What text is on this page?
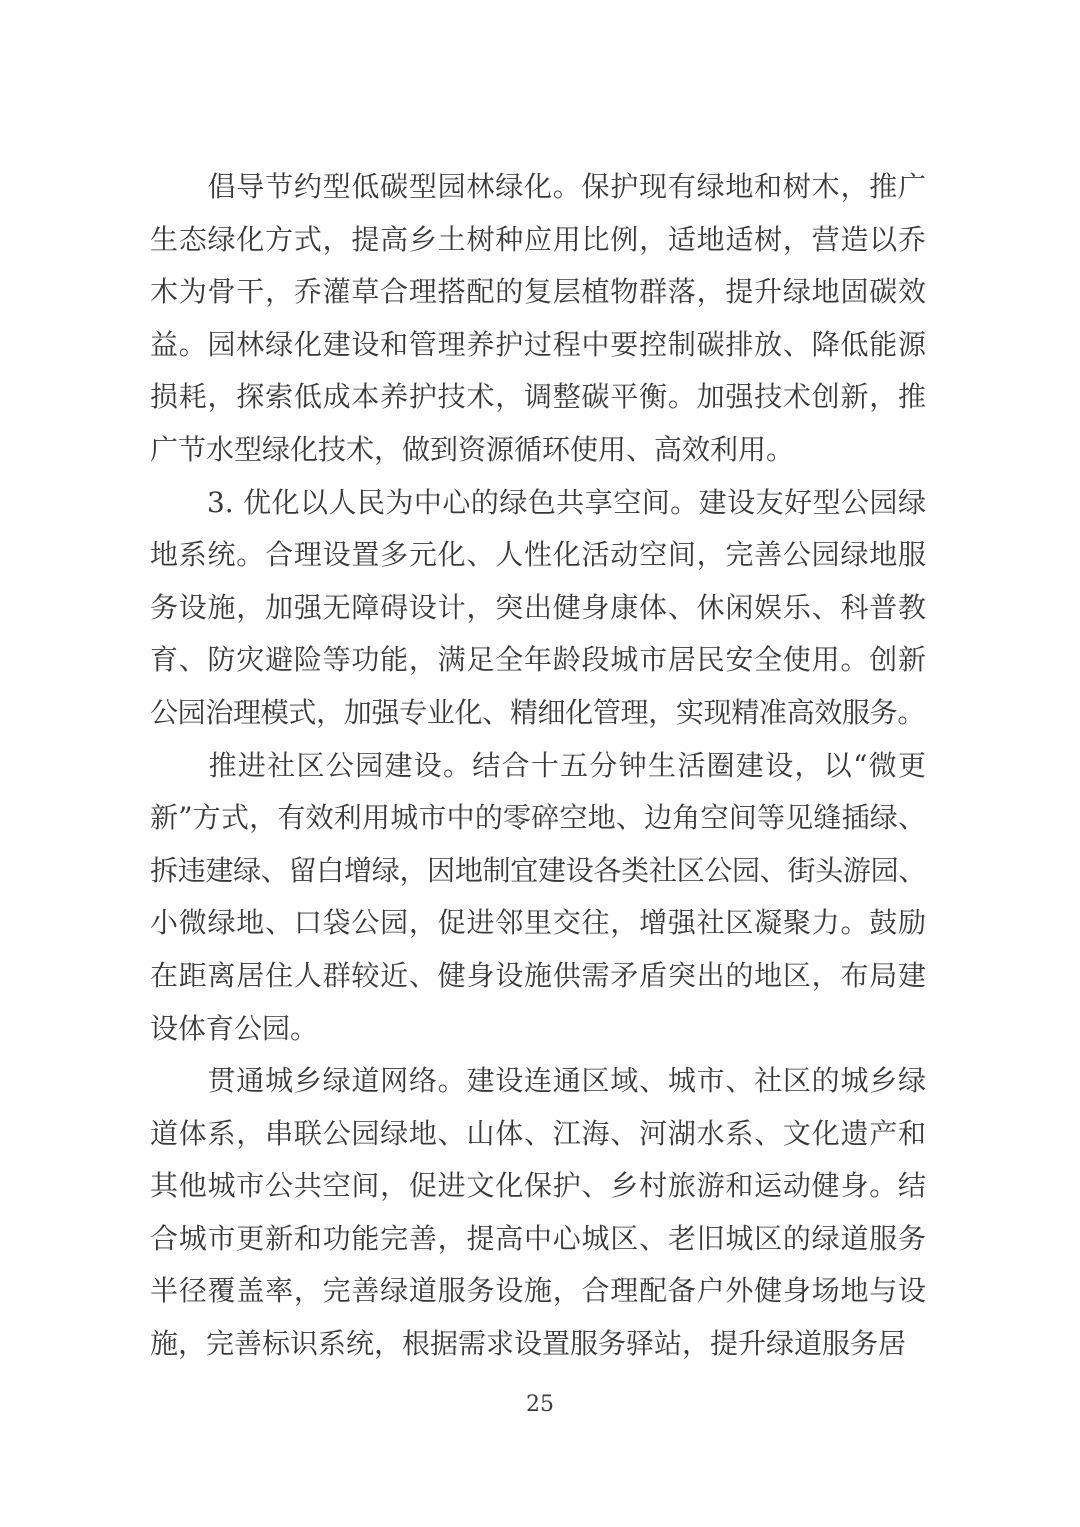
　　倡导节约型低碳型园林绿化。保护现有绿地和树木，推广
生态绿化方式，提高乡土树种应用比例，适地适树，营造以乔
木为骨干，乔灌草合理搭配的复层植物群落，提升绿地固碳效
益。园林绿化建设和管理养护过程中要控制碳排放、降低能源
损耗，探索低成本养护技术，调整碳平衡。加强技术创新，推
广节水型绿化技术，做到资源循环使用、高效利用。
　　3. 优化以人民为中心的绿色共享空间。建设友好型公园绿
地系统。合理设置多元化、人性化活动空间，完善公园绿地服
务设施，加强无障碍设计，突出健身康体、休闲娱乐、科普教
育、防灾避险等功能，满足全年龄段城市居民安全使用。创新
公园治理模式，加强专业化、精细化管理，实现精准高效服务。
　　推进社区公园建设。结合十五分钟生活圈建设，以“微更
新”方式，有效利用城市中的零碎空地、边角空间等见缝插绿、
拆违建绿、留白增绿，因地制宜建设各类社区公园、街头游园、
小微绿地、口袋公园，促进邻里交往，增强社区凝聚力。鼓励
在距离居住人群较近、健身设施供需矛盾突出的地区，布局建
设体育公园。
　　贯通城乡绿道网络。建设连通区域、城市、社区的城乡绿
道体系，串联公园绿地、山体、江海、河湖水系、文化遗产和
其他城市公共空间，促进文化保护、乡村旅游和运动健身。结
合城市更新和功能完善，提高中心城区、老旧城区的绿道服务
半径覆盖率，完善绿道服务设施，合理配备户外健身场地与设
施，完善标识系统，根据需求设置服务驿站，提升绿道服务居
25
